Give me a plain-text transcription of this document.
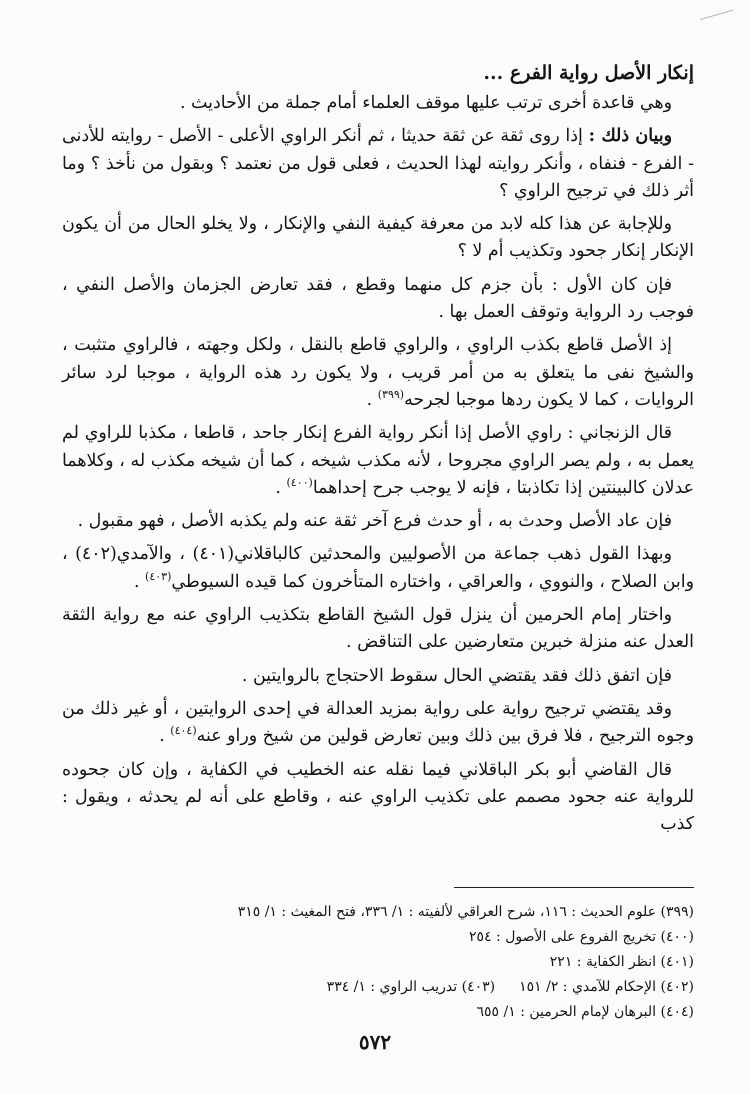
إنكار الأصل رواية الفرع ...
وهي قاعدة أخرى ترتب عليها موقف العلماء أمام جملة من الأحاديث .
وبيان ذلك : إذا روى ثقة عن ثقة حديثا ، ثم أنكر الراوي الأعلى - الأصل - روايته للأدنى - الفرع - فنفاه ، وأنكر روايته لهذا الحديث ، فعلى قول من نعتمد ؟ وبقول من نأخذ ؟ وما أثر ذلك في ترجيح الراوي ؟
وللإجابة عن هذا كله لابد من معرفة كيفية النفي والإنكار ، ولا يخلو الحال من أن يكون الإنكار إنكار جحود وتكذيب أم لا ؟
فإن كان الأول : بأن جزم كل منهما وقطع ، فقد تعارض الجزمان والأصل النفي ، فوجب رد الرواية وتوقف العمل بها .
إذ الأصل قاطع بكذب الراوي ، والراوي قاطع بالنقل ، ولكل وجهته ، فالراوي متثبت ، والشيخ نفى ما يتعلق به من أمر قريب ، ولا يكون رد هذه الرواية ، موجبا لرد سائر الروايات ، كما لا يكون ردها موجبا لجرحه$^{(٣٩٩)}$ .
قال الزنجاني : راوي الأصل إذا أنكر رواية الفرع إنكار جاحد ، قاطعا ، مكذبا للراوي لم يعمل به ، ولم يصر الراوي مجروحا ، لأنه مكذب شيخه ، كما أن شيخه مكذب له ، وكلاهما عدلان كالبينتين إذا تكاذبتا ، فإنه لا يوجب جرح إحداهما$^{(٤٠٠)}$ .
فإن عاد الأصل وحدث به ، أو حدث فرع آخر ثقة عنه ولم يكذبه الأصل ، فهو مقبول .
وبهذا القول ذهب جماعة من الأصوليين والمحدثين كالباقلاني(٤٠١) ، والآمدي(٤٠٢) ، وابن الصلاح ، والنووي ، والعراقي ، واختاره المتأخرون كما قيده السيوطي$^{(٤٠٣)}$ .
واختار إمام الحرمين أن ينزل قول الشيخ القاطع بتكذيب الراوي عنه مع رواية الثقة العدل عنه منزلة خبرين متعارضين على التناقض .
فإن اتفق ذلك فقد يقتضي الحال سقوط الاحتجاج بالروايتين .
وقد يقتضي ترجيح رواية على رواية بمزيد العدالة في إحدى الروايتين ، أو غير ذلك من وجوه الترجيح ، فلا فرق بين ذلك وبين تعارض قولين من شيخ وراو عنه$^{(٤٠٤)}$ .
قال القاضي أبو بكر الباقلاني فيما نقله عنه الخطيب في الكفاية ، وإن كان جحوده للرواية عنه جحود مصمم على تكذيب الراوي عنه ، وقاطع على أنه لم يحدثه ، ويقول : كذب
(٣٩٩) علوم الحديث : ١١٦، شرح العراقي لألفيته : ١/ ٣٣٦، فتح المغيث : ١/ ٣١٥
(٤٠٠) تخريج الفروع على الأصول : ٢٥٤
(٤٠١) انظر الكفاية : ٢٢١
(٤٠٢) الإحكام للآمدي : ٢/ ١٥١
(٤٠٣) تدريب الراوي : ١/ ٣٣٤
(٤٠٤) البرهان لإمام الحرمين : ١/ ٦٥٥
٥٧٢
